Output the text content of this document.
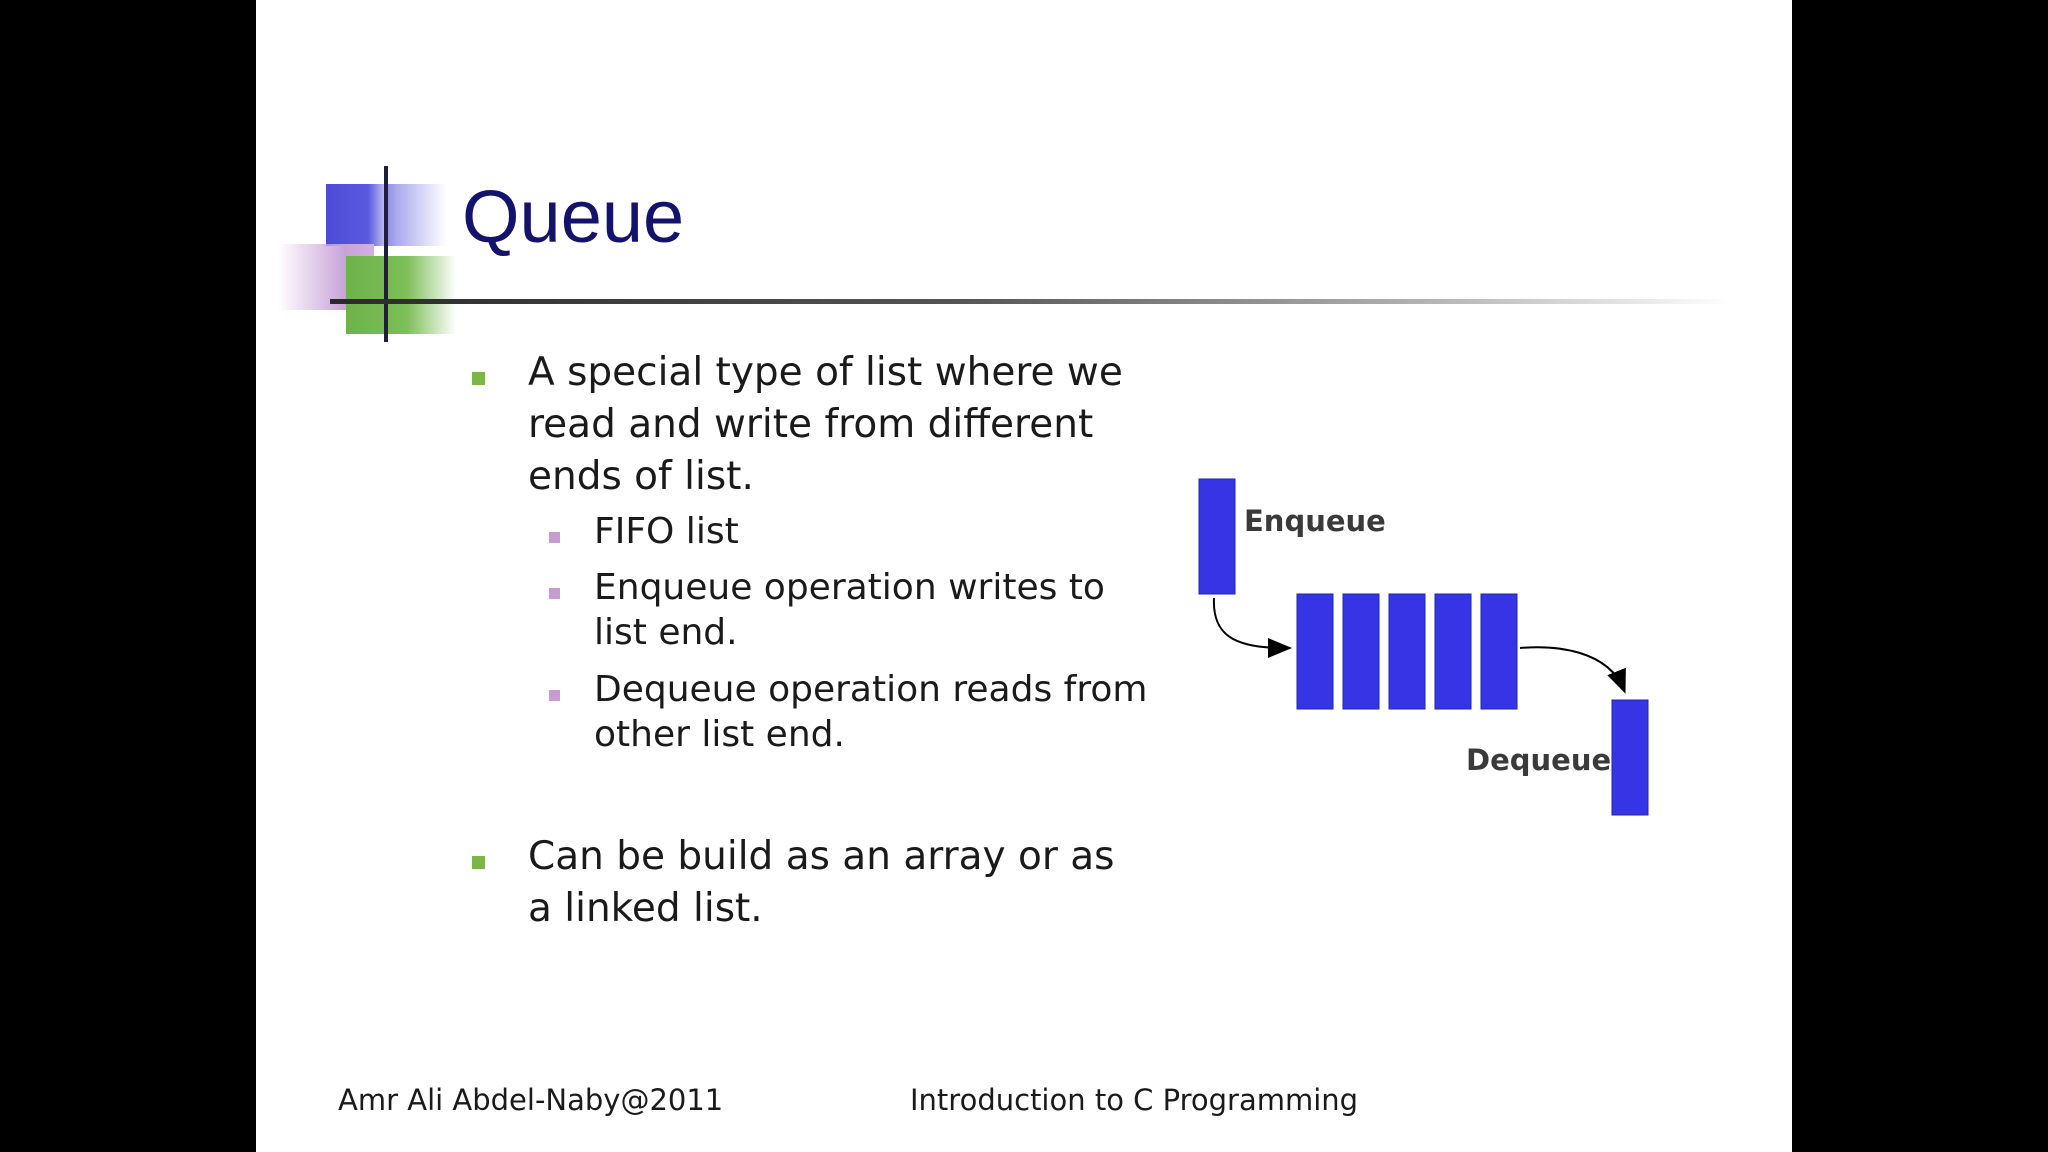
Queue
A special type of list where we read and write from different ends of list.
FIFO list
Enqueue operation writes to list end.
Dequeue operation reads from other list end.
Can be build as an array or as a linked list.
Enqueue
Dequeue
Amr Ali Abdel-Naby@2011	Introduction to C Programming
